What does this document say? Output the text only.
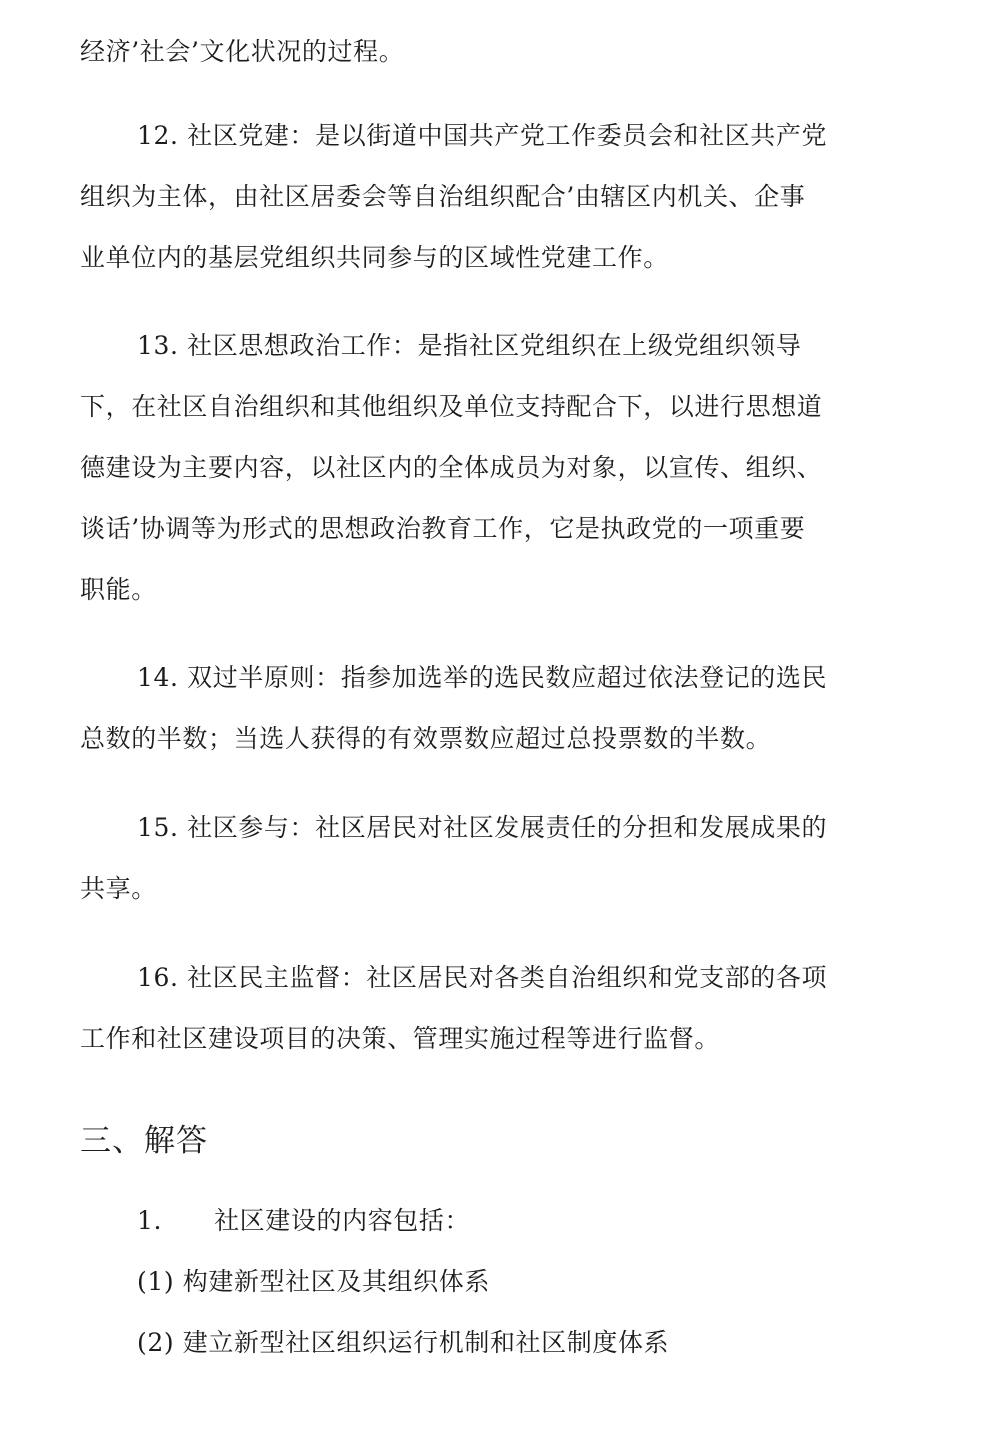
经济’社会’文化状况的过程。
12. 社区党建：是以街道中国共产党工作委员会和社区共产党
组织为主体，由社区居委会等自治组织配合’由辖区内机关、企事
业单位内的基层党组织共同参与的区域性党建工作。
13. 社区思想政治工作：是指社区党组织在上级党组织领导
下，在社区自治组织和其他组织及单位支持配合下，以进行思想道
德建设为主要内容，以社区内的全体成员为对象，以宣传、组织、
谈话’协调等为形式的思想政治教育工作，它是执政党的一项重要
职能。
14. 双过半原则：指参加选举的选民数应超过依法登记的选民
总数的半数；当选人获得的有效票数应超过总投票数的半数。
15. 社区参与：社区居民对社区发展责任的分担和发展成果的
共享。
16. 社区民主监督：社区居民对各类自治组织和党支部的各项
工作和社区建设项目的决策、管理实施过程等进行监督。
三、解答
1. 社区建设的内容包括：
(1) 构建新型社区及其组织体系
(2) 建立新型社区组织运行机制和社区制度体系
